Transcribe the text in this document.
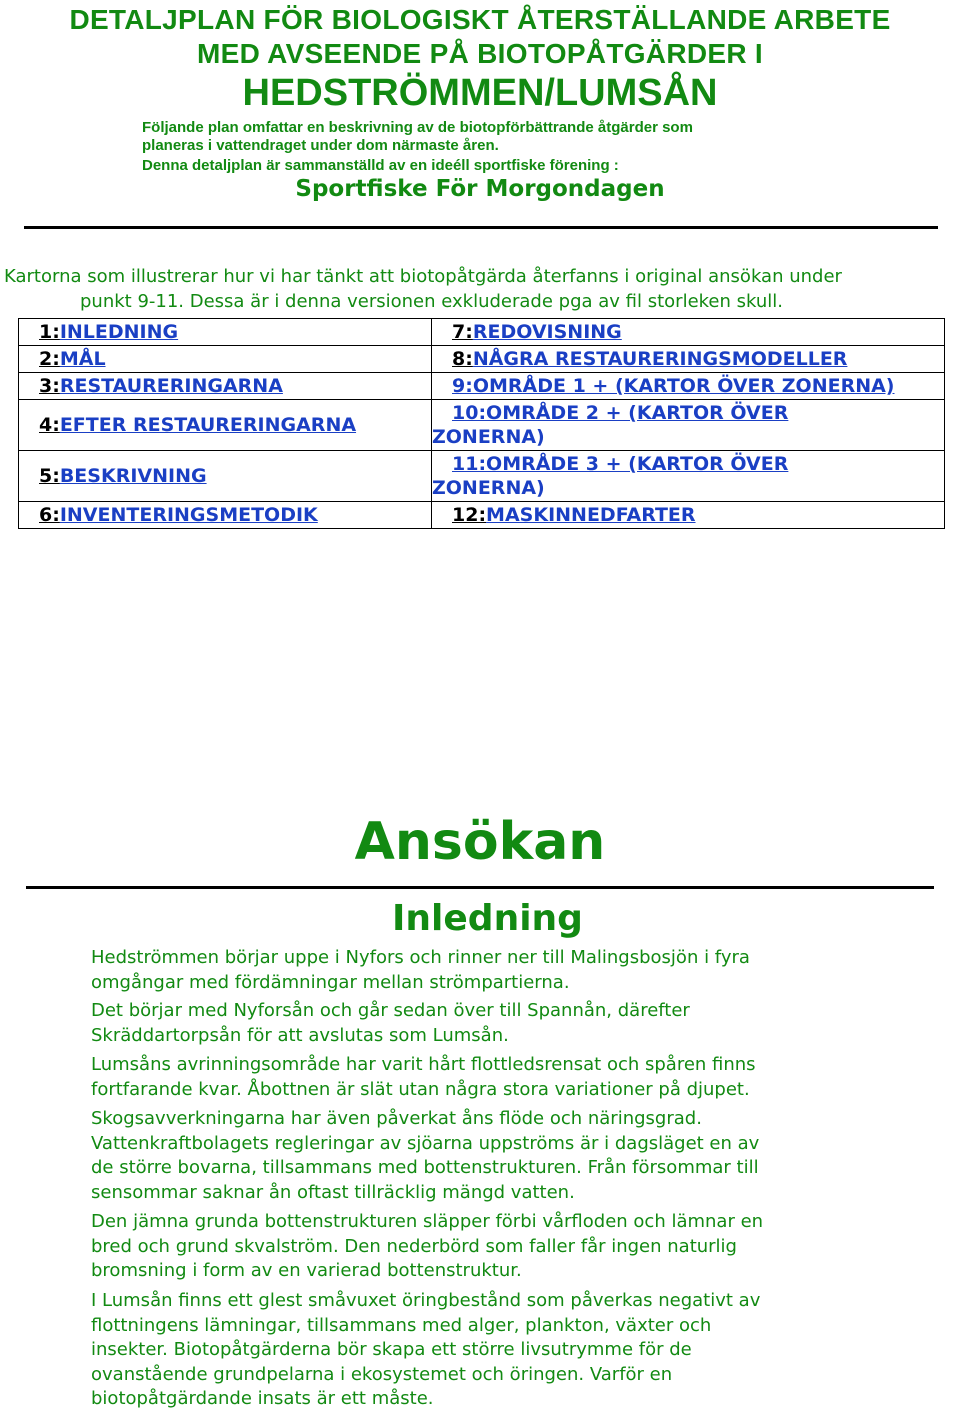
DETALJPLAN FÖR BIOLOGISKT ÅTERSTÄLLANDE ARBETE
MED AVSEENDE PÅ BIOTOPÅTGÄRDER I
HEDSTRÖMMEN/LUMSÅN
Följande plan omfattar en beskrivning av de biotopförbättrande åtgärder som
planeras i vattendraget under dom närmaste åren.
Denna detaljplan är sammanställd av en ideéll sportfiske förening :
Sportfiske För Morgondagen
Kartorna som illustrerar hur vi har tänkt att biotopåtgärda återfanns i original ansökan under
punkt 9-11. Dessa är i denna versionen exkluderade pga av fil storleken skull.
1:INLEDNING	7:REDOVISNING
2:MÅL	8:NÅGRA RESTAURERINGSMODELLER
3:RESTAURERINGARNA	9:OMRÅDE 1 + (KARTOR ÖVER ZONERNA)
4:EFTER RESTAURERINGARNA	10:OMRÅDE 2 + (KARTOR ÖVER
ZONERNA)

5:BESKRIVNING	11:OMRÅDE 3 + (KARTOR ÖVER
ZONERNA)

6:INVENTERINGSMETODIK	12:MASKINNEDFARTER
Ansökan
Inledning
Hedströmmen börjar uppe i Nyfors och rinner ner till Malingsbosjön i fyra
omgångar med fördämningar mellan strömpartierna.
Det börjar med Nyforsån och går sedan över till Spannån, därefter
Skräddartorpsån för att avslutas som Lumsån.
Lumsåns avrinningsområde har varit hårt flottledsrensat och spåren finns
fortfarande kvar. Åbottnen är slät utan några stora variationer på djupet.
Skogsavverkningarna har även påverkat åns flöde och näringsgrad.
Vattenkraftbolagets regleringar av sjöarna uppströms är i dagsläget en av
de större bovarna, tillsammans med bottenstrukturen. Från försommar till
sensommar saknar ån oftast tillräcklig mängd vatten.
Den jämna grunda bottenstrukturen släpper förbi vårfloden och lämnar en
bred och grund skvalström. Den nederbörd som faller får ingen naturlig
bromsning i form av en varierad bottenstruktur.
I Lumsån finns ett glest småvuxet öringbestånd som påverkas negativt av
flottningens lämningar, tillsammans med alger, plankton, växter och
insekter. Biotopåtgärderna bör skapa ett större livsutrymme för de
ovanstående grundpelarna i ekosystemet och öringen. Varför en
biotopåtgärdande insats är ett måste.
